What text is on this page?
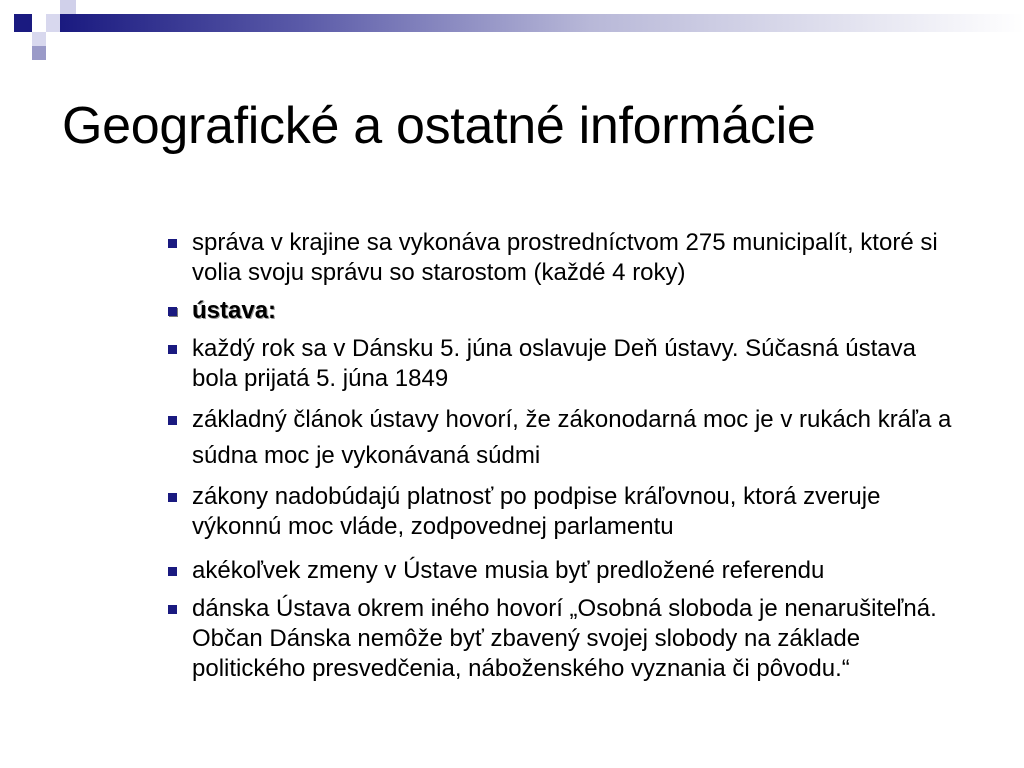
Geografické a ostatné informácie
správa v krajine sa vykonáva prostredníctvom 275 municipalít, ktoré si volia svoju správu so starostom (každé 4 roky)
ústava:
každý rok sa v Dánsku 5. júna oslavuje Deň ústavy. Súčasná ústava bola prijatá 5. júna 1849
základný článok ústavy hovorí, že zákonodarná moc je v rukách kráľa a súdna moc je vykonávaná súdmi
zákony nadobúdajú platnosť po podpise kráľovnou, ktorá zveruje výkonnú moc vláde, zodpovednej parlamentu
akékoľvek zmeny v Ústave musia byť predložené referendu
dánska Ústava okrem iného hovorí „Osobná sloboda je nenarušiteľná. Občan Dánska nemôže byť zbavený svojej slobody na základe politického presvedčenia, náboženského vyznania či pôvodu.“
